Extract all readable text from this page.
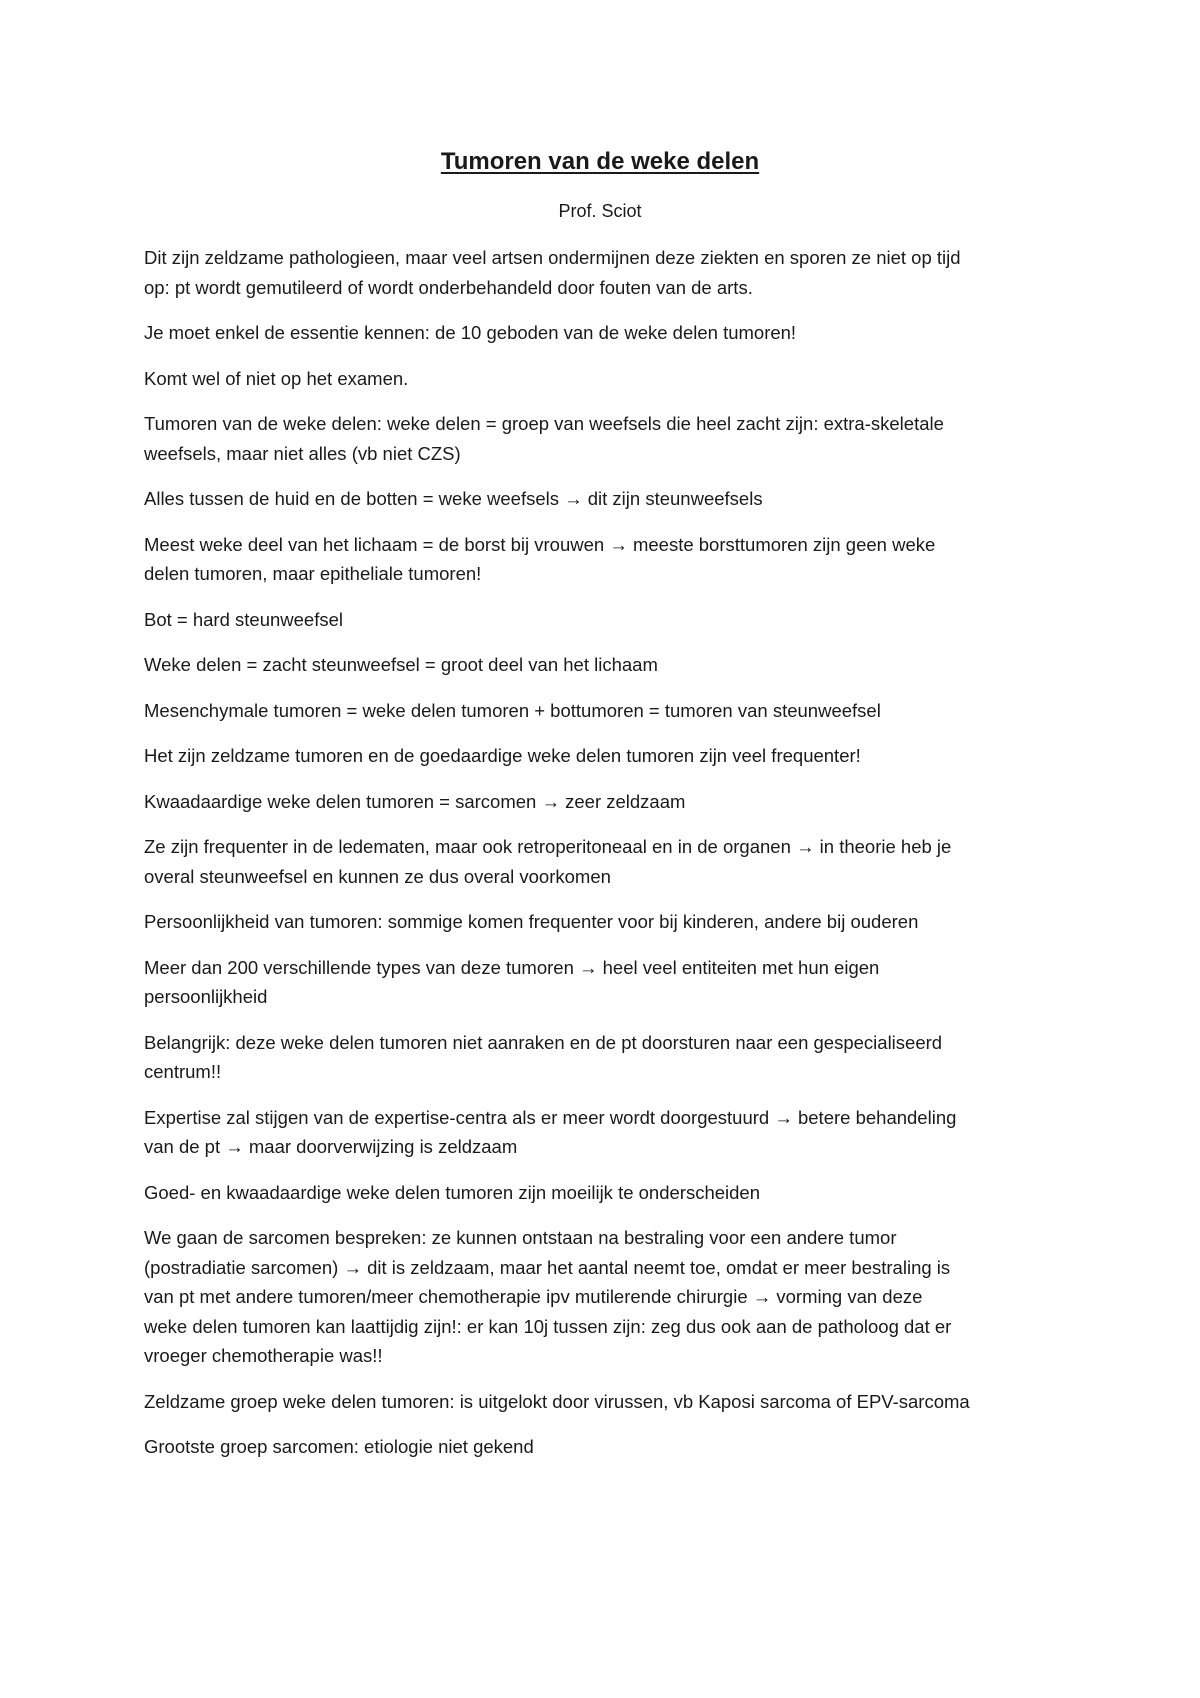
Tumoren van de weke delen

Prof. Sciot

Dit zijn zeldzame pathologieen, maar veel artsen ondermijnen deze ziekten en sporen ze niet op tijd
op: pt wordt gemutileerd of wordt onderbehandeld door fouten van de arts.

Je moet enkel de essentie kennen: de 10 geboden van de weke delen tumoren!

Komt wel of niet op het examen.

Tumoren van de weke delen: weke delen = groep van weefsels die heel zacht zijn: extra-skeletale
weefsels, maar niet alles (vb niet CZS)

Alles tussen de huid en de botten = weke weefsels → dit zijn steunweefsels

Meest weke deel van het lichaam = de borst bij vrouwen → meeste borsttumoren zijn geen weke
delen tumoren, maar epitheliale tumoren!

Bot = hard steunweefsel

Weke delen = zacht steunweefsel = groot deel van het lichaam

Mesenchymale tumoren = weke delen tumoren + bottumoren = tumoren van steunweefsel

Het zijn zeldzame tumoren en de goedaardige weke delen tumoren zijn veel frequenter!

Kwaadaardige weke delen tumoren = sarcomen → zeer zeldzaam

Ze zijn frequenter in de ledematen, maar ook retroperitoneaal en in de organen → in theorie heb je
overal steunweefsel en kunnen ze dus overal voorkomen

Persoonlijkheid van tumoren: sommige komen frequenter voor bij kinderen, andere bij ouderen

Meer dan 200 verschillende types van deze tumoren → heel veel entiteiten met hun eigen
persoonlijkheid

Belangrijk: deze weke delen tumoren niet aanraken en de pt doorsturen naar een gespecialiseerd
centrum!!

Expertise zal stijgen van de expertise-centra als er meer wordt doorgestuurd → betere behandeling
van de pt → maar doorverwijzing is zeldzaam

Goed- en kwaadaardige weke delen tumoren zijn moeilijk te onderscheiden

We gaan de sarcomen bespreken: ze kunnen ontstaan na bestraling voor een andere tumor
(postradiatie sarcomen) → dit is zeldzaam, maar het aantal neemt toe, omdat er meer bestraling is
van pt met andere tumoren/meer chemotherapie ipv mutilerende chirurgie → vorming van deze
weke delen tumoren kan laattijdig zijn!: er kan 10j tussen zijn: zeg dus ook aan de patholoog dat er
vroeger chemotherapie was!!

Zeldzame groep weke delen tumoren: is uitgelokt door virussen, vb Kaposi sarcoma of EPV-sarcoma

Grootste groep sarcomen: etiologie niet gekend
